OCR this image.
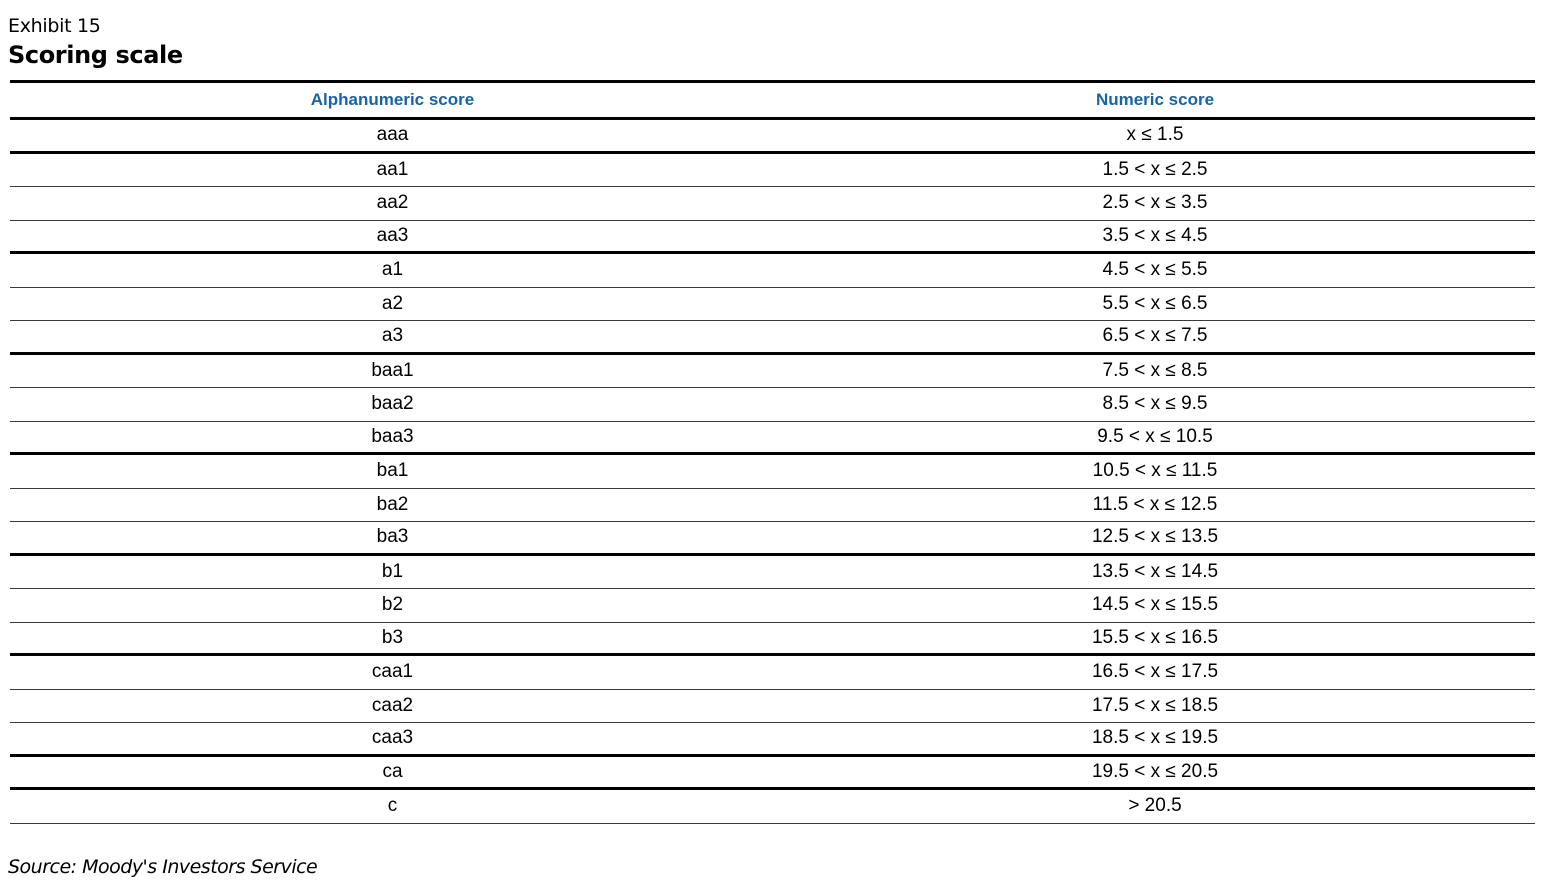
Exhibit 15
Scoring scale
Alphanumeric score	Numeric score
aaa	x ≤ 1.5
aa1	1.5 < x ≤ 2.5
aa2	2.5 < x ≤ 3.5
aa3	3.5 < x ≤ 4.5
a1	4.5 < x ≤ 5.5
a2	5.5 < x ≤ 6.5
a3	6.5 < x ≤ 7.5
baa1	7.5 < x ≤ 8.5
baa2	8.5 < x ≤ 9.5
baa3	9.5 < x ≤ 10.5
ba1	10.5 < x ≤ 11.5
ba2	11.5 < x ≤ 12.5
ba3	12.5 < x ≤ 13.5
b1	13.5 < x ≤ 14.5
b2	14.5 < x ≤ 15.5
b3	15.5 < x ≤ 16.5
caa1	16.5 < x ≤ 17.5
caa2	17.5 < x ≤ 18.5
caa3	18.5 < x ≤ 19.5
ca	19.5 < x ≤ 20.5
c	> 20.5
Source: Moody's Investors Service
